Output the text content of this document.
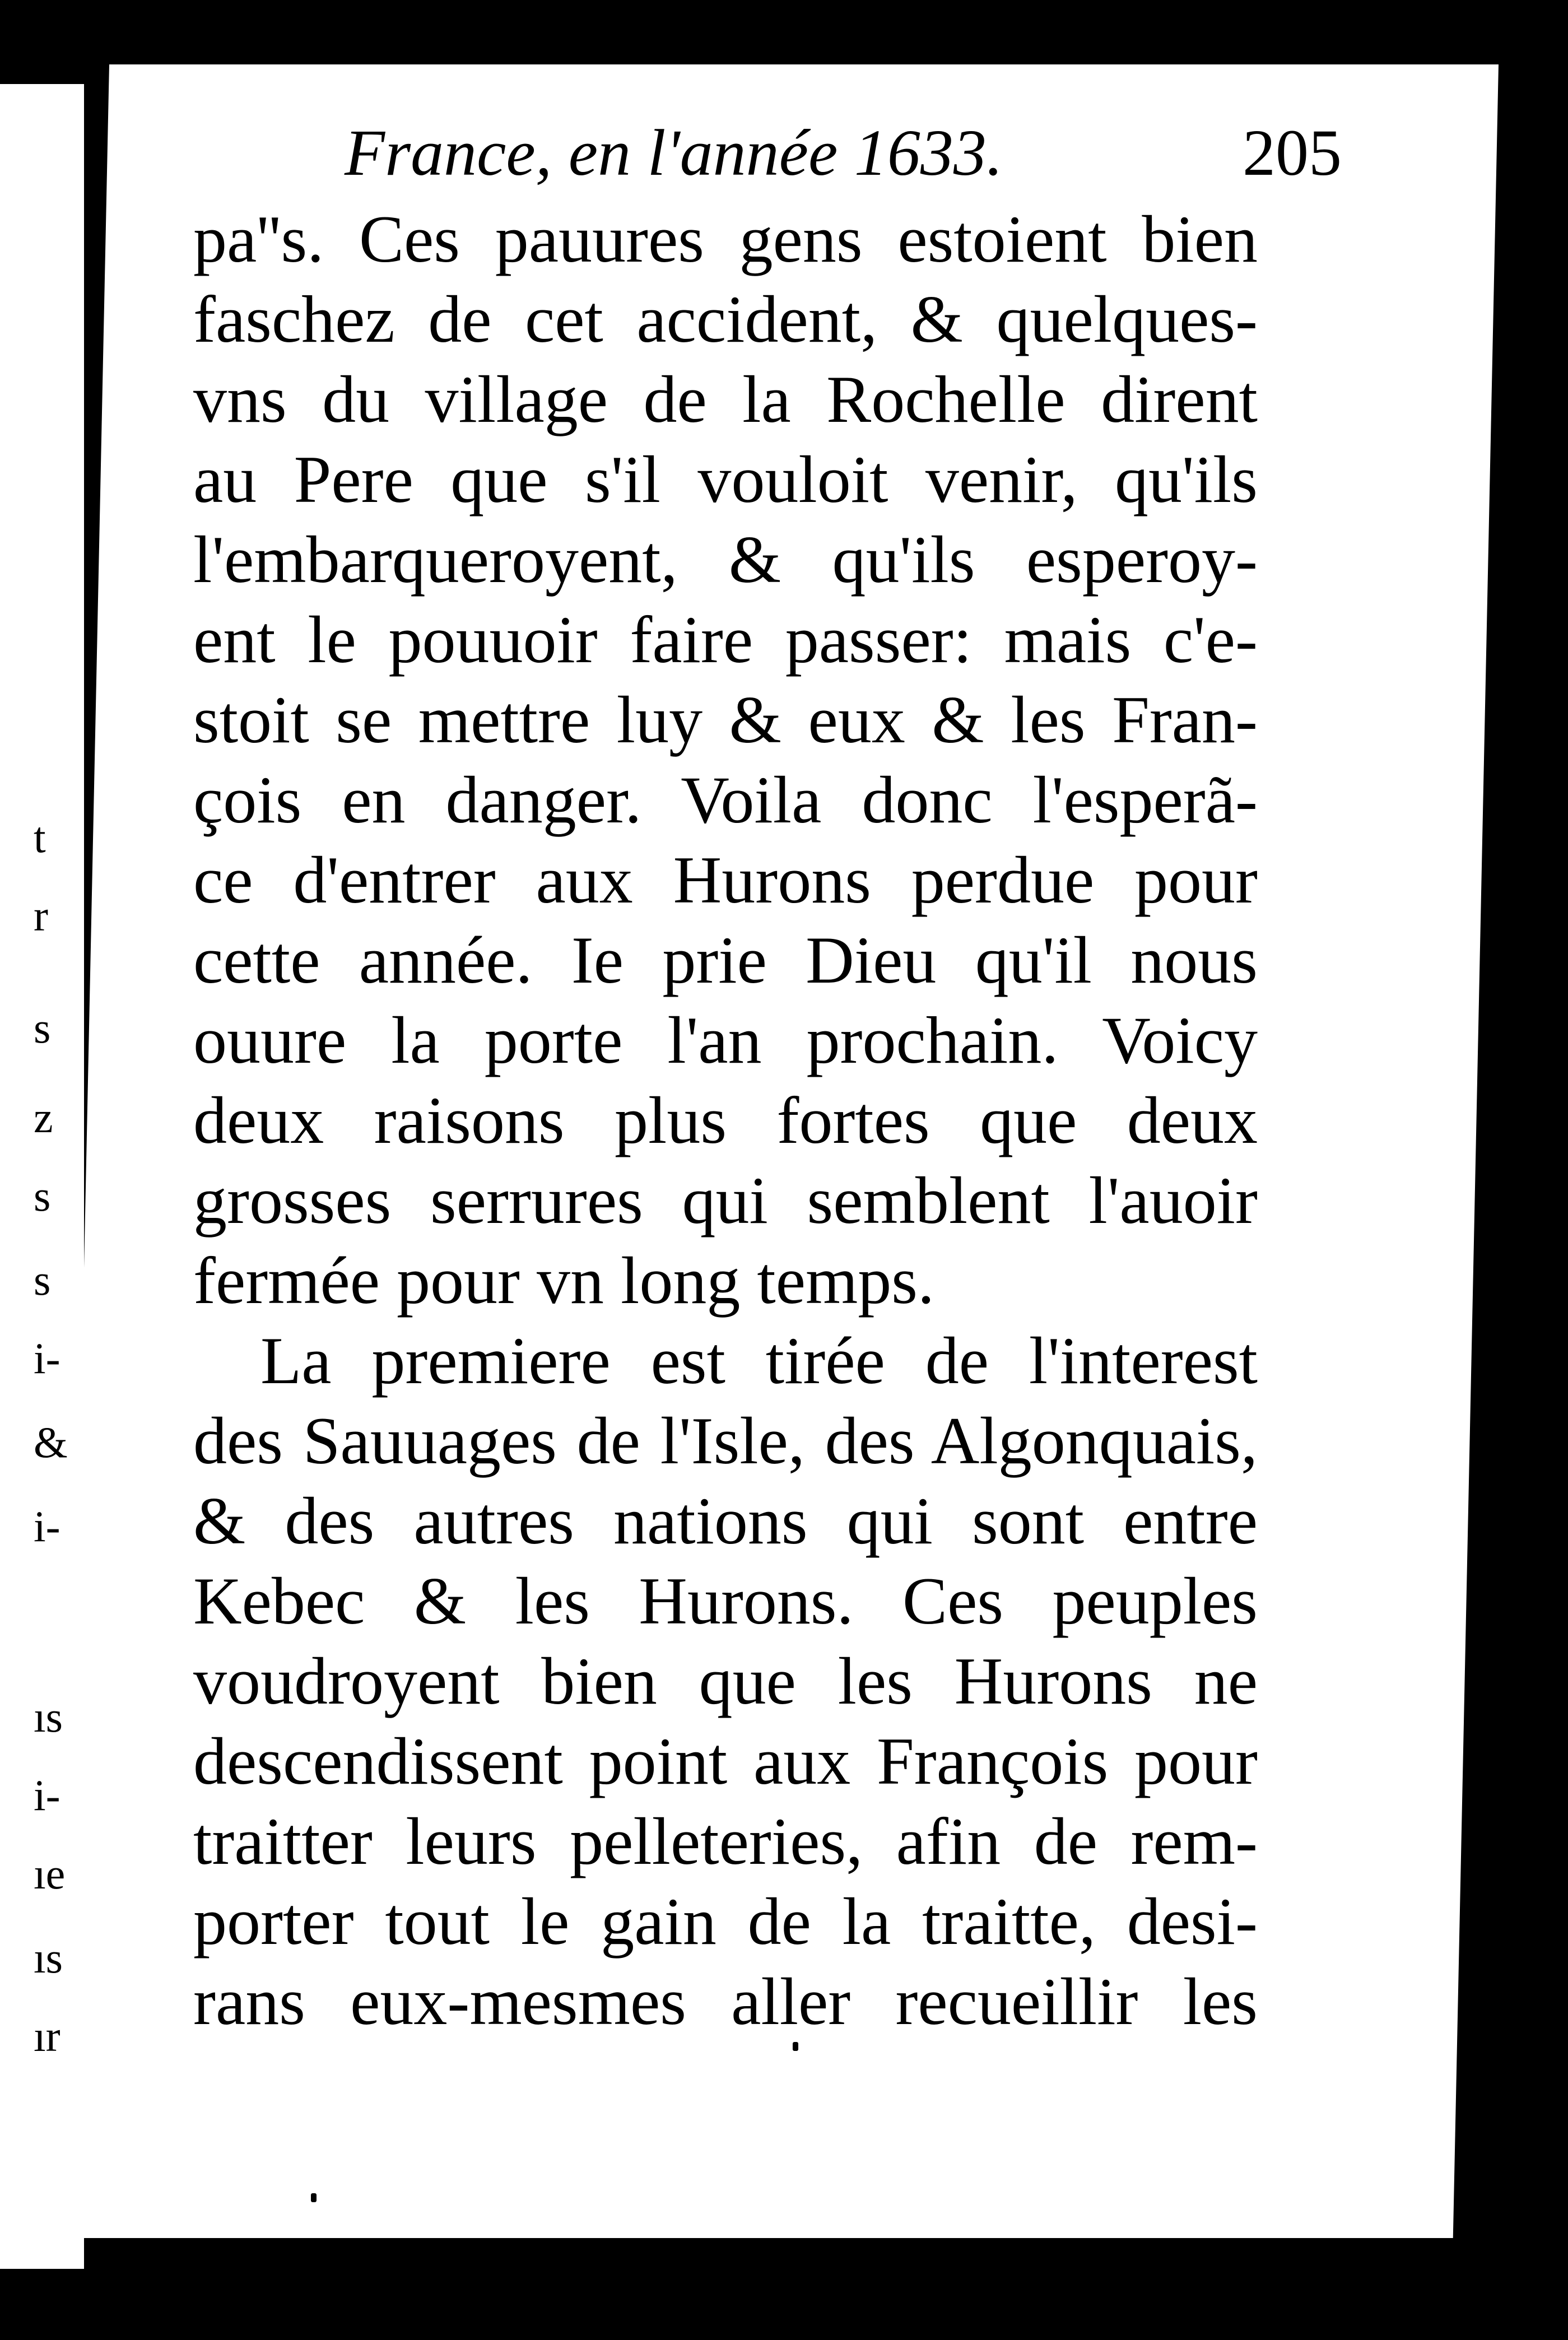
t
r
s
z
s
s
i-
&
i-
ıs
i-
ıe
ıs
ır
France, en l'année 1633.	205
pa''s. Ces pauures gens estoient bien
faschez de cet accident, & quelques-
vns du village de la Rochelle dirent
au Pere que s'il vouloit venir, qu'ils
l'embarqueroyent, & qu'ils esperoy-
ent le pouuoir faire passer: mais c'e-
stoit se mettre luy & eux & les Fran-
çois en danger. Voila donc l'esperã-
ce d'entrer aux Hurons perdue pour
cette année. Ie prie Dieu qu'il nous
ouure la porte l'an prochain. Voicy
deux raisons plus fortes que deux
grosses serrures qui semblent l'auoir
fermée pour vn long temps.
La premiere est tirée de l'interest
des Sauuages de l'Isle, des Algonquais,
& des autres nations qui sont entre
Kebec & les Hurons. Ces peuples
voudroyent bien que les Hurons ne
descendissent point aux François pour
traitter leurs pelleteries, afin de rem-
porter tout le gain de la traitte, desi-
rans eux-mesmes aller recueillir les
